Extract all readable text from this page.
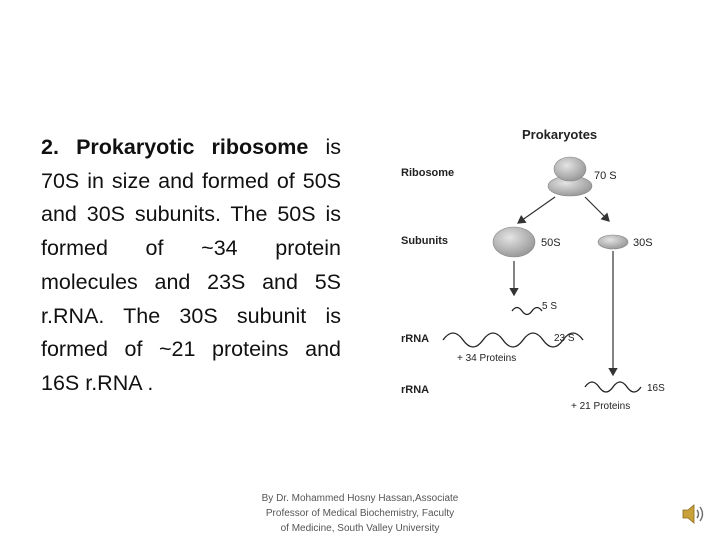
2. Prokaryotic ribosome is 70S in size and formed of 50S and 30S subunits. The 50S is formed of ~34 protein molecules and 23S and 5S r.RNA. The 30S subunit is formed of ~21 proteins and 16S r.RNA .
Prokaryotes
Ribosome	70 S
Subunits	50S	30S
5 S
rRNA	23 S
+ 34 Proteins
rRNA	16S
+ 21 Proteins
By Dr. Mohammed Hosny Hassan,Associate
Professor of Medical Biochemistry, Faculty
of Medicine, South Valley University
